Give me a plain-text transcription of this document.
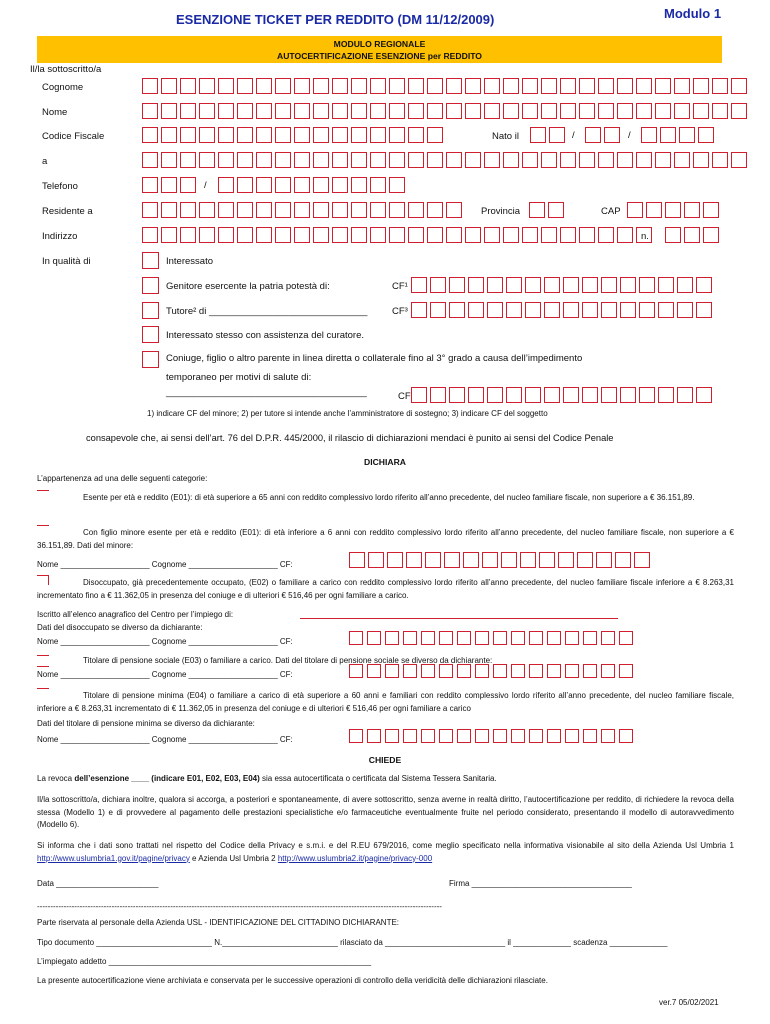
ESENZIONE TICKET PER REDDITO (DM 11/12/2009)	Modulo 1
MODULO REGIONALE
AUTOCERTIFICAZIONE ESENZIONE per REDDITO
Il/la sottoscritto/a
Cognome
Nome
Codice Fiscale	Nato il	/	/
a
Telefono	/
Residente a	Provincia	CAP
Indirizzo	n.
In qualità di	Interessato
Genitore esercente la patria potestà di:	CF¹
Tutore² di ______________________________	CF³
Interessato stesso con assistenza del curatore.
Coniuge, figlio o altro parente in linea diretta o collaterale fino al 3° grado a causa dell’impedimento
temporaneo per motivi di salute di:
______________________________________	CF
1) indicare CF del minore; 2) per tutore si intende anche l’amministratore di sostegno; 3) indicare CF del soggetto
consapevole che, ai sensi dell’art. 76 del D.P.R. 445/2000, il rilascio di dichiarazioni mendaci è punito ai sensi del Codice Penale
DICHIARA
L’appartenenza ad una delle seguenti categorie:
Esente per età e reddito (E01): di età superiore a 65 anni con reddito complessivo lordo riferito all’anno precedente, del nucleo familiare fiscale, non superiore a € 36.151,89.
Con figlio minore esente per età e reddito (E01): di età inferiore a 6 anni con reddito complessivo lordo riferito all’anno precedente, del nucleo familiare fiscale, non superiore a € 36.151,89. Dati del minore:
Nome ____________________ Cognome ____________________ CF:
Disoccupato, già precedentemente occupato, (E02) o familiare a carico con reddito complessivo lordo riferito all’anno precedente, del nucleo familiare fiscale inferiore a € 8.263,31 incrementato fino a € 11.362,05 in presenza del coniuge e di ulteriori € 516,46 per ogni familiare a carico.
Iscritto all’elenco anagrafico del Centro per l’impiego di:
Dati del disoccupato se diverso da dichiarante:
Nome ____________________ Cognome ____________________ CF:
Titolare di pensione sociale (E03) o familiare a carico. Dati del titolare di pensione sociale se diverso da dichiarante:
Nome ____________________ Cognome ____________________ CF:
Titolare di pensione minima (E04) o familiare a carico di età superiore a 60 anni e familiari con reddito complessivo lordo riferito all’anno precedente, del nucleo familiare fiscale, inferiore a € 8.263,31 incrementato di € 11.362,05 in presenza del coniuge e di ulteriori € 516,46 per ogni familiare a carico
Dati del titolare di pensione minima se diverso da dichiarante:
Nome ____________________ Cognome ____________________ CF:
CHIEDE
La revoca dell’esenzione ____ (indicare E01, E02, E03, E04) sia essa autocertificata o certificata dal Sistema Tessera Sanitaria.
Il/la sottoscritto/a, dichiara inoltre, qualora si accorga, a posteriori e spontaneamente, di avere sottoscritto, senza averne in realtà diritto, l’autocertificazione per reddito, di richiedere la revoca della stessa (Modello 1) e di provvedere al pagamento delle prestazioni specialistiche e/o farmaceutiche eventualmente fruite nel periodo considerato, presentando il modello di autoravvedimento (Modello 6).
Si informa che i dati sono trattati nel rispetto del Codice della Privacy e s.m.i. e del R.EU 679/2016, come meglio specificato nella informativa visionabile al sito della Azienda Usl Umbria 1 http://www.uslumbria1.gov.it/pagine/privacy e Azienda Usl Umbria 2 http://www.uslumbria2.it/pagine/privacy-000
Data _______________________	Firma ____________________________________
--------------------------------------------------------------------------------------------------------------------------------------------------------
Parte riservata al personale della Azienda USL - IDENTIFICAZIONE DEL CITTADINO DICHIARANTE:
Tipo documento __________________________ N.__________________________ rilasciato da ___________________________ il _____________ scadenza _____________
L’impiegato addetto ___________________________________________________________
La presente autocertificazione viene archiviata e conservata per le successive operazioni di controllo della veridicità delle dichiarazioni rilasciate.
ver.7 05/02/2021
